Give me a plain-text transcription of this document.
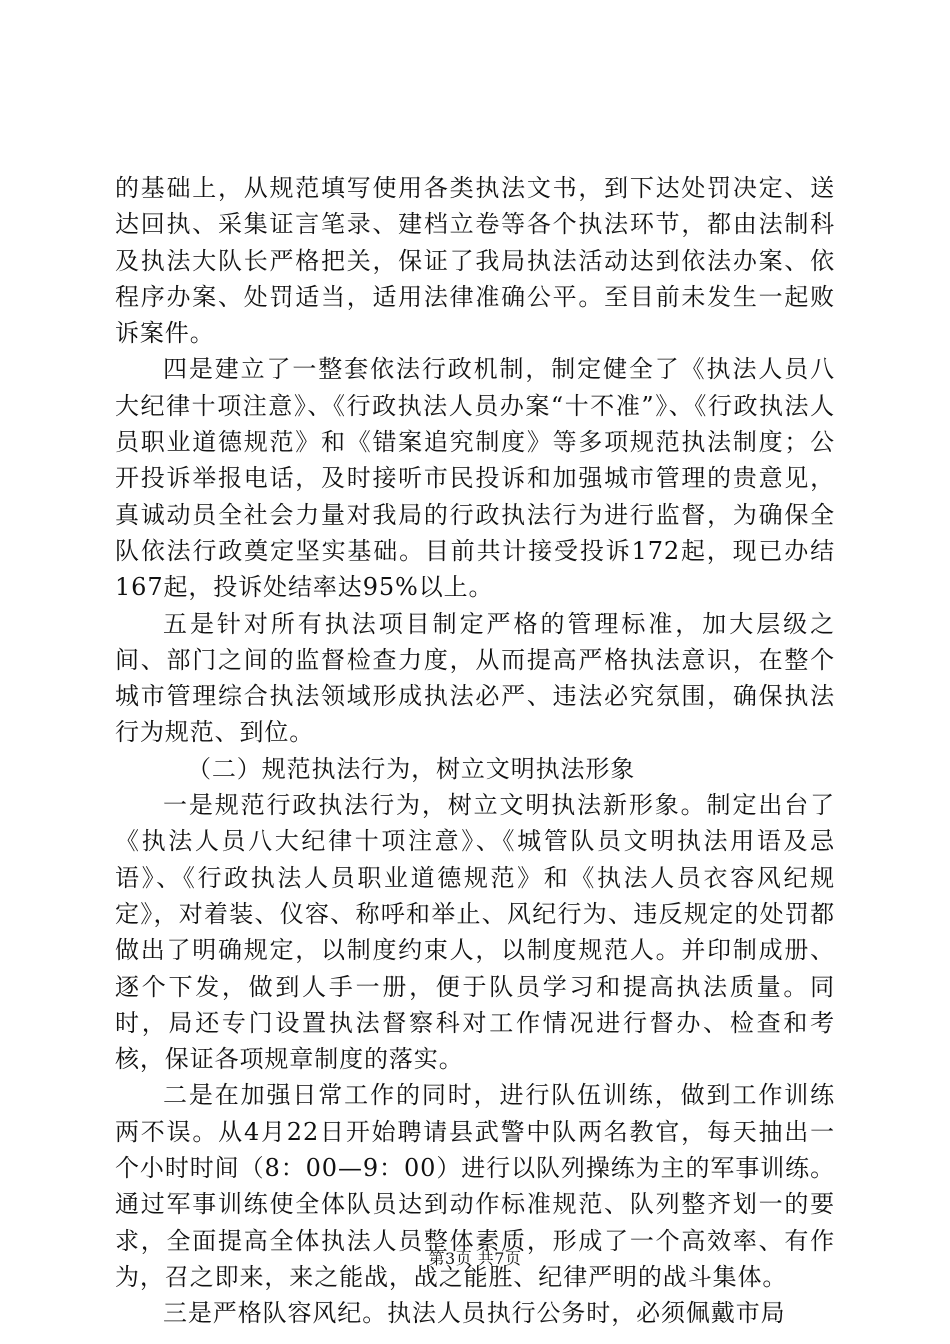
的基础上，从规范填写使用各类执法文书，到下达处罚决定、送达回执、采集证言笔录、建档立卷等各个执法环节，都由法制科及执法大队长严格把关，保证了我局执法活动达到依法办案、依程序办案、处罚适当，适用法律准确公平。至目前未发生一起败诉案件。

四是建立了一整套依法行政机制，制定健全了《执法人员八大纪律十项注意》、《行政执法人员办案“十不准”》、《行政执法人员职业道德规范》和《错案追究制度》等多项规范执法制度；公开投诉举报电话，及时接听市民投诉和加强城市管理的贵意见，真诚动员全社会力量对我局的行政执法行为进行监督，为确保全队依法行政奠定坚实基础。目前共计接受投诉172起，现已办结167起，投诉处结率达95%以上。

五是针对所有执法项目制定严格的管理标准，加大层级之间、部门之间的监督检查力度，从而提高严格执法意识，在整个城市管理综合执法领域形成执法必严、违法必究氛围，确保执法行为规范、到位。

（二）规范执法行为，树立文明执法形象

一是规范行政执法行为，树立文明执法新形象。制定出台了《执法人员八大纪律十项注意》、《城管队员文明执法用语及忌语》、《行政执法人员职业道德规范》和《执法人员衣容风纪规定》，对着装、仪容、称呼和举止、风纪行为、违反规定的处罚都做出了明确规定，以制度约束人，以制度规范人。并印制成册、逐个下发，做到人手一册，便于队员学习和提高执法质量。同时，局还专门设置执法督察科对工作情况进行督办、检查和考核，保证各项规章制度的落实。

二是在加强日常工作的同时，进行队伍训练，做到工作训练两不误。从4月22日开始聘请县武警中队两名教官，每天抽出一个小时时间（8：00—9：00）进行以队列操练为主的军事训练。通过军事训练使全体队员达到动作标准规范、队列整齐划一的要求，全面提高全体执法人员整体素质，形成了一个高效率、有作为，召之即来，来之能战，战之能胜、纪律严明的战斗集体。

三是严格队容风纪。执法人员执行公务时，必须佩戴市局

第3页 共7页
